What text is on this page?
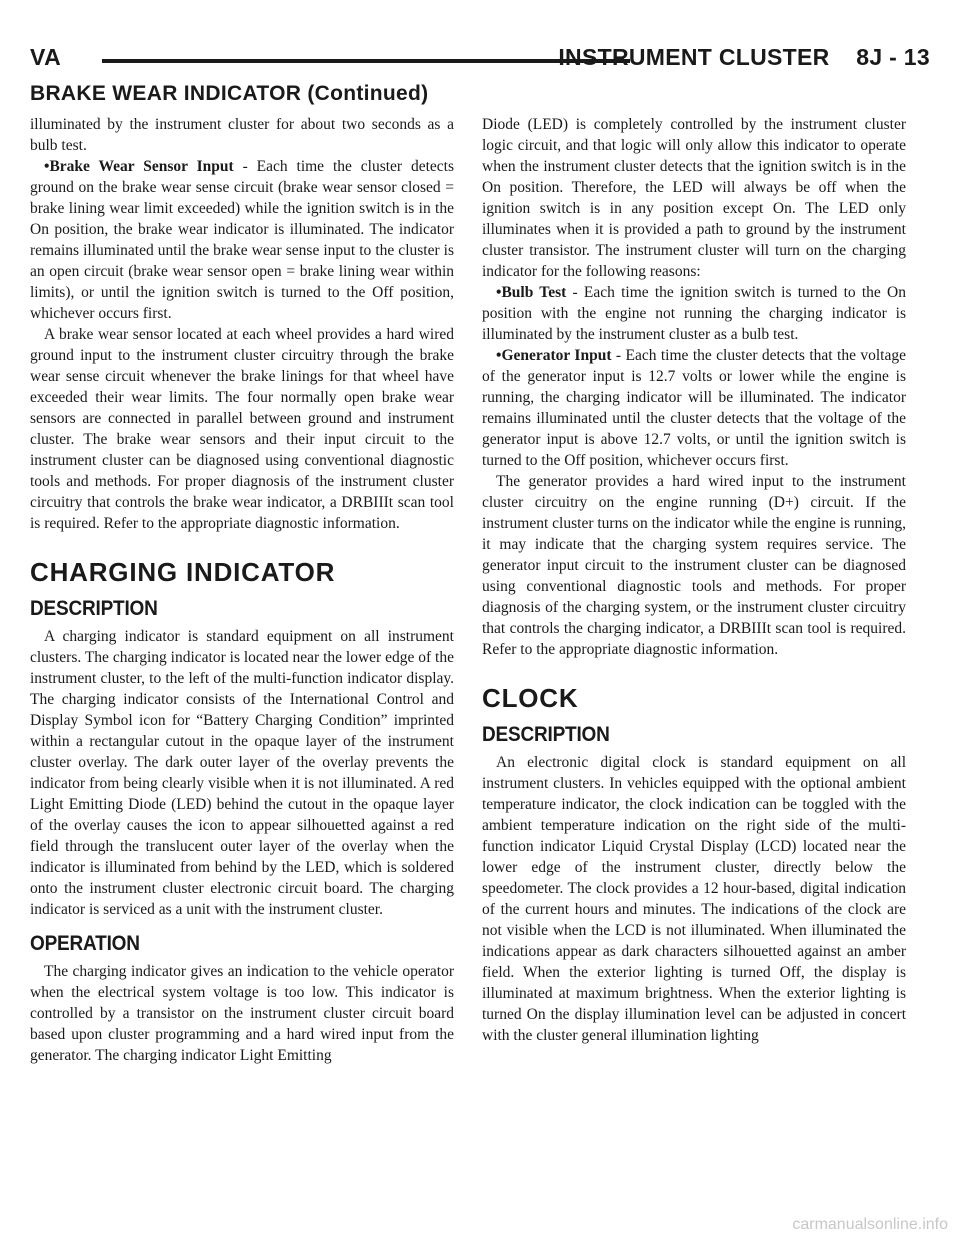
VA	INSTRUMENT CLUSTER    8J - 13
BRAKE WEAR INDICATOR (Continued)

illuminated by the instrument cluster for about two seconds as a bulb test.

•Brake Wear Sensor Input - Each time the cluster detects ground on the brake wear sense circuit (brake wear sensor closed = brake lining wear limit exceeded) while the ignition switch is in the On position, the brake wear indicator is illuminated. The indicator remains illuminated until the brake wear sense input to the cluster is an open circuit (brake wear sensor open = brake lining wear within limits), or until the ignition switch is turned to the Off position, whichever occurs first.

A brake wear sensor located at each wheel provides a hard wired ground input to the instrument cluster circuitry through the brake wear sense circuit whenever the brake linings for that wheel have exceeded their wear limits. The four normally open brake wear sensors are connected in parallel between ground and instrument cluster. The brake wear sensors and their input circuit to the instrument cluster can be diagnosed using conventional diagnostic tools and methods. For proper diagnosis of the instrument cluster circuitry that controls the brake wear indicator, a DRBIIIt scan tool is required. Refer to the appropriate diagnostic information.

CHARGING INDICATOR
DESCRIPTION

A charging indicator is standard equipment on all instrument clusters. The charging indicator is located near the lower edge of the instrument cluster, to the left of the multi-function indicator display. The charging indicator consists of the International Control and Display Symbol icon for “Battery Charging Condition” imprinted within a rectangular cutout in the opaque layer of the instrument cluster overlay. The dark outer layer of the overlay prevents the indicator from being clearly visible when it is not illuminated. A red Light Emitting Diode (LED) behind the cutout in the opaque layer of the overlay causes the icon to appear silhouetted against a red field through the translucent outer layer of the overlay when the indicator is illuminated from behind by the LED, which is soldered onto the instrument cluster electronic circuit board. The charging indicator is serviced as a unit with the instrument cluster.

OPERATION

The charging indicator gives an indication to the vehicle operator when the electrical system voltage is too low. This indicator is controlled by a transistor on the instrument cluster circuit board based upon cluster programming and a hard wired input from the generator. The charging indicator Light Emitting

Diode (LED) is completely controlled by the instrument cluster logic circuit, and that logic will only allow this indicator to operate when the instrument cluster detects that the ignition switch is in the On position. Therefore, the LED will always be off when the ignition switch is in any position except On. The LED only illuminates when it is provided a path to ground by the instrument cluster transistor. The instrument cluster will turn on the charging indicator for the following reasons:

•Bulb Test - Each time the ignition switch is turned to the On position with the engine not running the charging indicator is illuminated by the instrument cluster as a bulb test.

•Generator Input - Each time the cluster detects that the voltage of the generator input is 12.7 volts or lower while the engine is running, the charging indicator will be illuminated. The indicator remains illuminated until the cluster detects that the voltage of the generator input is above 12.7 volts, or until the ignition switch is turned to the Off position, whichever occurs first.

The generator provides a hard wired input to the instrument cluster circuitry on the engine running (D+) circuit. If the instrument cluster turns on the indicator while the engine is running, it may indicate that the charging system requires service. The generator input circuit to the instrument cluster can be diagnosed using conventional diagnostic tools and methods. For proper diagnosis of the charging system, or the instrument cluster circuitry that controls the charging indicator, a DRBIIIt scan tool is required. Refer to the appropriate diagnostic information.

CLOCK
DESCRIPTION

An electronic digital clock is standard equipment on all instrument clusters. In vehicles equipped with the optional ambient temperature indicator, the clock indication can be toggled with the ambient temperature indication on the right side of the multi-function indicator Liquid Crystal Display (LCD) located near the lower edge of the instrument cluster, directly below the speedometer. The clock provides a 12 hour-based, digital indication of the current hours and minutes. The indications of the clock are not visible when the LCD is not illuminated. When illuminated the indications appear as dark characters silhouetted against an amber field. When the exterior lighting is turned Off, the display is illuminated at maximum brightness. When the exterior lighting is turned On the display illumination level can be adjusted in concert with the cluster general illumination lighting

carmanualsonline.info
